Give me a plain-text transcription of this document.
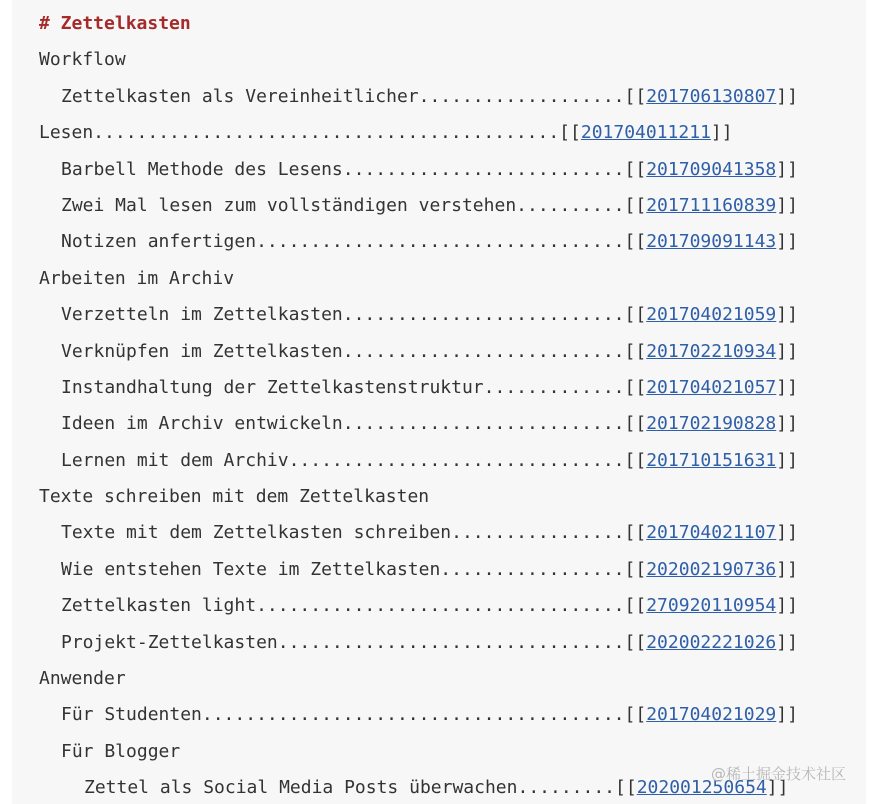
# Zettelkasten
Workflow
Zettelkasten als Vereinheitlicher...................[[201706130807]]
Lesen...........................................[[201704011211]]
Barbell Methode des Lesens..........................[[201709041358]]
Zwei Mal lesen zum vollständigen verstehen..........[[201711160839]]
Notizen anfertigen..................................[[201709091143]]
Arbeiten im Archiv
Verzetteln im Zettelkasten..........................[[201704021059]]
Verknüpfen im Zettelkasten..........................[[201702210934]]
Instandhaltung der Zettelkastenstruktur.............[[201704021057]]
Ideen im Archiv entwickeln..........................[[201702190828]]
Lernen mit dem Archiv...............................[[201710151631]]
Texte schreiben mit dem Zettelkasten
Texte mit dem Zettelkasten schreiben................[[201704021107]]
Wie entstehen Texte im Zettelkasten.................[[202002190736]]
Zettelkasten light..................................[[270920110954]]
Projekt-Zettelkasten................................[[202002221026]]
Anwender
Für Studenten.......................................[[201704021029]]
Für Blogger
Zettel als Social Media Posts überwachen.........[[202001250654]]
@稀土掘金技术社区
